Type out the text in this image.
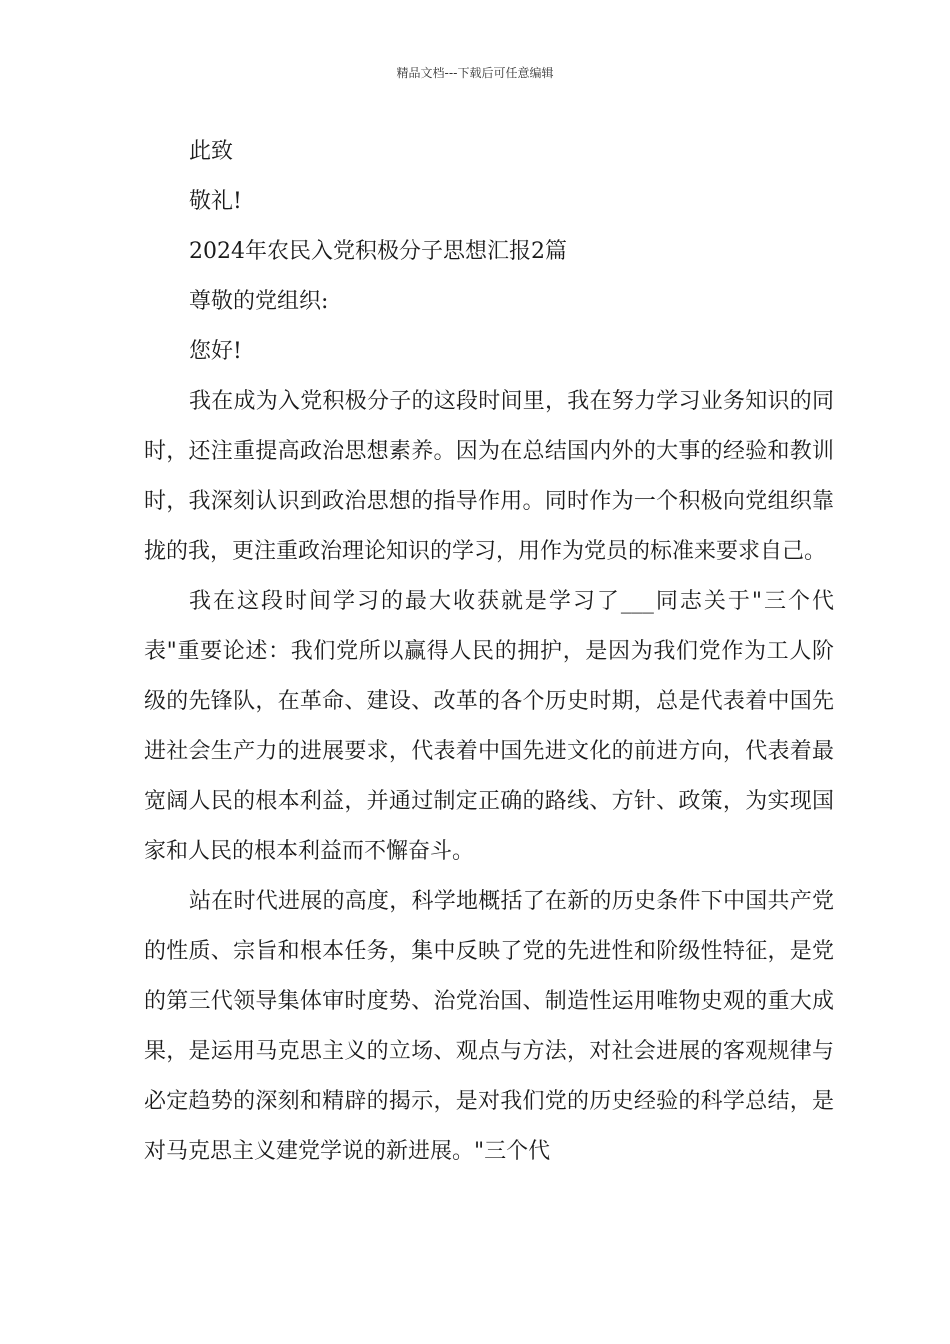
精品文档---下载后可任意编辑

此致

敬礼!

2024年农民入党积极分子思想汇报2篇

尊敬的党组织:

您好!

我在成为入党积极分子的这段时间里，我在努力学习业务知识的同时，还注重提高政治思想素养。因为在总结国内外的大事的经验和教训时，我深刻认识到政治思想的指导作用。同时作为一个积极向党组织靠拢的我，更注重政治理论知识的学习，用作为党员的标准来要求自己。

我在这段时间学习的最大收获就是学习了___同志关于"三个代表"重要论述：我们党所以赢得人民的拥护，是因为我们党作为工人阶级的先锋队，在革命、建设、改革的各个历史时期，总是代表着中国先进社会生产力的进展要求，代表着中国先进文化的前进方向，代表着最宽阔人民的根本利益，并通过制定正确的路线、方针、政策，为实现国家和人民的根本利益而不懈奋斗。

站在时代进展的高度，科学地概括了在新的历史条件下中国共产党的性质、宗旨和根本任务，集中反映了党的先进性和阶级性特征，是党的第三代领导集体审时度势、治党治国、制造性运用唯物史观的重大成果，是运用马克思主义的立场、观点与方法，对社会进展的客观规律与必定趋势的深刻和精辟的揭示，是对我们党的历史经验的科学总结，是对马克思主义建党学说的新进展。"三个代
